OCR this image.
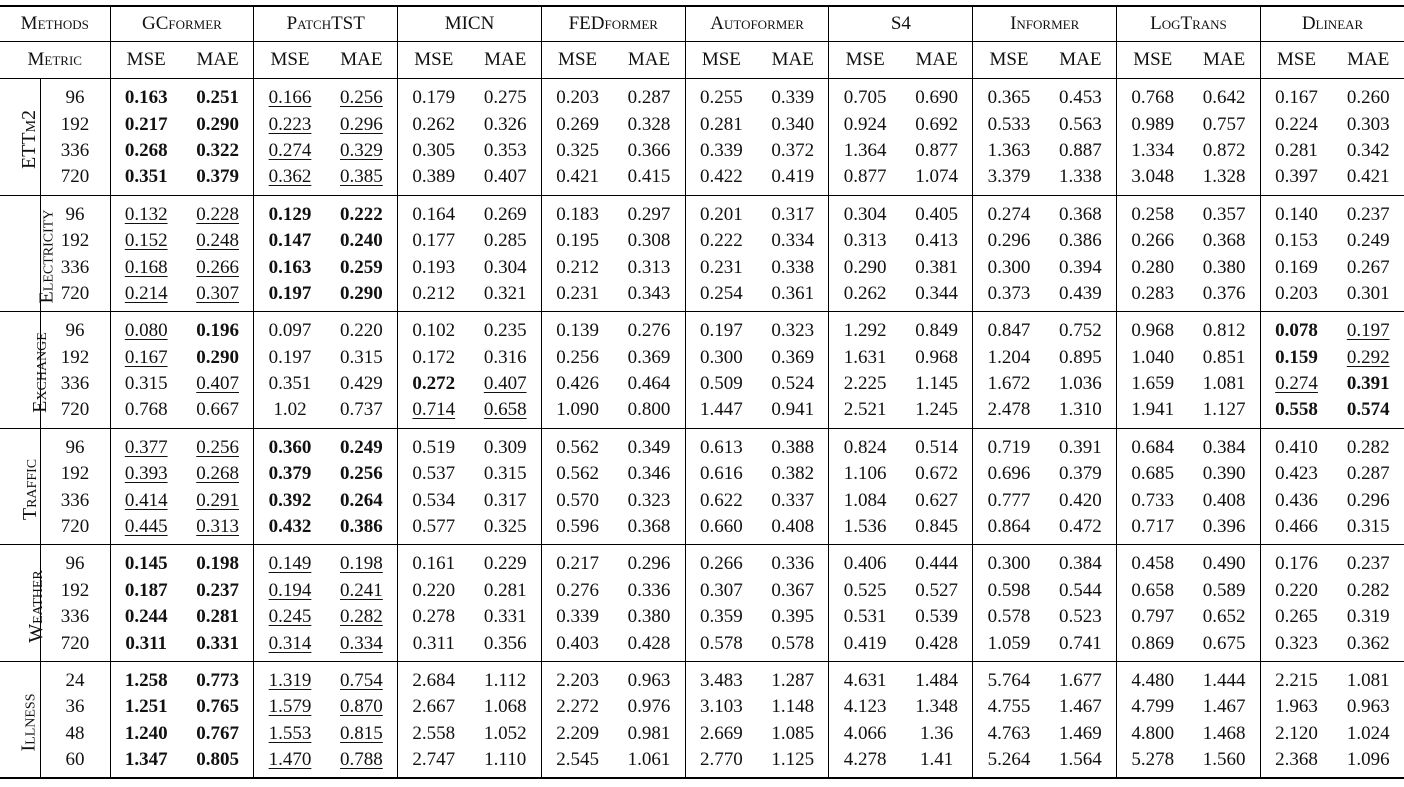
Methods		GCformer		PatchTST		MICN		FEDformer		Autoformer		S4		Informer		LogTrans		Dlinear	
Metric		MSE	MAE	MSE	MAE	MSE	MAE	MSE	MAE	MSE	MAE	MSE	MAE	MSE	MAE	MSE	MAE	MSE	MAE
ETTm2	96	0.163	0.251	0.166	0.256	0.179	0.275	0.203	0.287	0.255	0.339	0.705	0.690	0.365	0.453	0.768	0.642	0.167	0.260
	192	0.217	0.290	0.223	0.296	0.262	0.326	0.269	0.328	0.281	0.340	0.924	0.692	0.533	0.563	0.989	0.757	0.224	0.303
	336	0.268	0.322	0.274	0.329	0.305	0.353	0.325	0.366	0.339	0.372	1.364	0.877	1.363	0.887	1.334	0.872	0.281	0.342
	720	0.351	0.379	0.362	0.385	0.389	0.407	0.421	0.415	0.422	0.419	0.877	1.074	3.379	1.338	3.048	1.328	0.397	0.421
Electricity	96	0.132	0.228	0.129	0.222	0.164	0.269	0.183	0.297	0.201	0.317	0.304	0.405	0.274	0.368	0.258	0.357	0.140	0.237
	192	0.152	0.248	0.147	0.240	0.177	0.285	0.195	0.308	0.222	0.334	0.313	0.413	0.296	0.386	0.266	0.368	0.153	0.249
	336	0.168	0.266	0.163	0.259	0.193	0.304	0.212	0.313	0.231	0.338	0.290	0.381	0.300	0.394	0.280	0.380	0.169	0.267
	720	0.214	0.307	0.197	0.290	0.212	0.321	0.231	0.343	0.254	0.361	0.262	0.344	0.373	0.439	0.283	0.376	0.203	0.301
Exchange	96	0.080	0.196	0.097	0.220	0.102	0.235	0.139	0.276	0.197	0.323	1.292	0.849	0.847	0.752	0.968	0.812	0.078	0.197
	192	0.167	0.290	0.197	0.315	0.172	0.316	0.256	0.369	0.300	0.369	1.631	0.968	1.204	0.895	1.040	0.851	0.159	0.292
	336	0.315	0.407	0.351	0.429	0.272	0.407	0.426	0.464	0.509	0.524	2.225	1.145	1.672	1.036	1.659	1.081	0.274	0.391
	720	0.768	0.667	1.02	0.737	0.714	0.658	1.090	0.800	1.447	0.941	2.521	1.245	2.478	1.310	1.941	1.127	0.558	0.574
Traffic	96	0.377	0.256	0.360	0.249	0.519	0.309	0.562	0.349	0.613	0.388	0.824	0.514	0.719	0.391	0.684	0.384	0.410	0.282
	192	0.393	0.268	0.379	0.256	0.537	0.315	0.562	0.346	0.616	0.382	1.106	0.672	0.696	0.379	0.685	0.390	0.423	0.287
	336	0.414	0.291	0.392	0.264	0.534	0.317	0.570	0.323	0.622	0.337	1.084	0.627	0.777	0.420	0.733	0.408	0.436	0.296
	720	0.445	0.313	0.432	0.386	0.577	0.325	0.596	0.368	0.660	0.408	1.536	0.845	0.864	0.472	0.717	0.396	0.466	0.315
Weather	96	0.145	0.198	0.149	0.198	0.161	0.229	0.217	0.296	0.266	0.336	0.406	0.444	0.300	0.384	0.458	0.490	0.176	0.237
	192	0.187	0.237	0.194	0.241	0.220	0.281	0.276	0.336	0.307	0.367	0.525	0.527	0.598	0.544	0.658	0.589	0.220	0.282
	336	0.244	0.281	0.245	0.282	0.278	0.331	0.339	0.380	0.359	0.395	0.531	0.539	0.578	0.523	0.797	0.652	0.265	0.319
	720	0.311	0.331	0.314	0.334	0.311	0.356	0.403	0.428	0.578	0.578	0.419	0.428	1.059	0.741	0.869	0.675	0.323	0.362
Illness	24	1.258	0.773	1.319	0.754	2.684	1.112	2.203	0.963	3.483	1.287	4.631	1.484	5.764	1.677	4.480	1.444	2.215	1.081
	36	1.251	0.765	1.579	0.870	2.667	1.068	2.272	0.976	3.103	1.148	4.123	1.348	4.755	1.467	4.799	1.467	1.963	0.963
	48	1.240	0.767	1.553	0.815	2.558	1.052	2.209	0.981	2.669	1.085	4.066	1.36	4.763	1.469	4.800	1.468	2.120	1.024
	60	1.347	0.805	1.470	0.788	2.747	1.110	2.545	1.061	2.770	1.125	4.278	1.41	5.264	1.564	5.278	1.560	2.368	1.096
